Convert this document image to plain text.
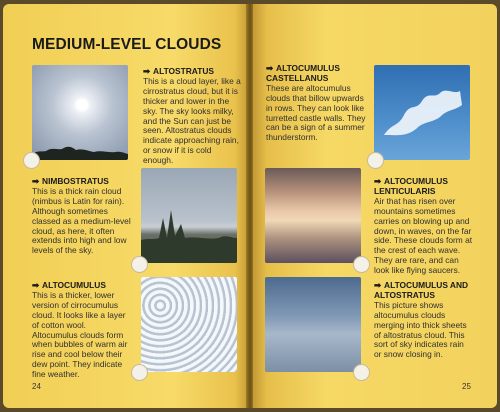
MEDIUM-LEVEL CLOUDS
➡ ALTOSTRATUS
This is a cloud layer, like a cirrostratus cloud, but it is thicker and lower in the sky. The sky looks milky, and the Sun can just be seen. Altostratus clouds indicate approaching rain, or snow if it is cold enough.
➡ NIMBOSTRATUS
This is a thick rain cloud (nimbus is Latin for rain). Although sometimes classed as a medium-level cloud, as here, it often extends into high and low levels of the sky.
➡ ALTOCUMULUS
This is a thicker, lower version of cirrocumulus cloud. It looks like a layer of cotton wool. Altocumulus clouds form when bubbles of warm air rise and cool below their dew point. They indicate fine weather.
24
➡ ALTOCUMULUS CASTELLANUS
These are altocumulus clouds that billow upwards in rows. They can look like turretted castle walls. They can be a sign of a summer thunderstorm.
➡ ALTOCUMULUS LENTICULARIS
Air that has risen over mountains sometimes carries on blowing up and down, in waves, on the far side. These clouds form at the crest of each wave. They are rare, and can look like flying saucers.
➡ ALTOCUMULUS AND ALTOSTRATUS
This picture shows altocumulus clouds merging into thick sheets of altostratus cloud. This sort of sky indicates rain or snow closing in.
25
